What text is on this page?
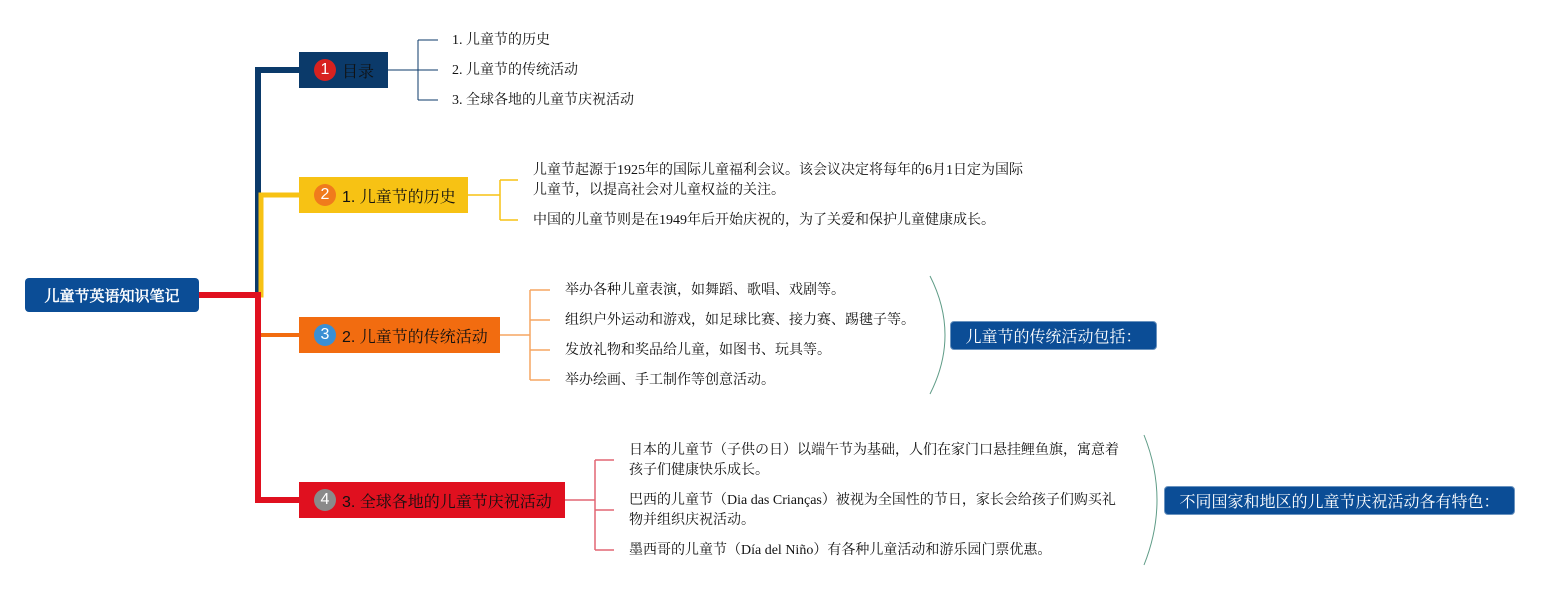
儿童节英语知识笔记
1 目录
1. 儿童节的历史
2. 儿童节的传统活动
3. 全球各地的儿童节庆祝活动
2 1. 儿童节的历史
儿童节起源于1925年的国际儿童福利会议。该会议决定将每年的6月1日定为国际
儿童节，以提高社会对儿童权益的关注。
中国的儿童节则是在1949年后开始庆祝的，为了关爱和保护儿童健康成长。
3 2. 儿童节的传统活动
举办各种儿童表演，如舞蹈、歌唱、戏剧等。
组织户外运动和游戏，如足球比赛、接力赛、踢毽子等。
发放礼物和奖品给儿童，如图书、玩具等。
举办绘画、手工制作等创意活动。
儿童节的传统活动包括：
4 3. 全球各地的儿童节庆祝活动
日本的儿童节（子供の日）以端午节为基础，人们在家门口悬挂鲤鱼旗，寓意着
孩子们健康快乐成长。
巴西的儿童节（Dia das Crianças）被视为全国性的节日，家长会给孩子们购买礼
物并组织庆祝活动。
墨西哥的儿童节（Día del Niño）有各种儿童活动和游乐园门票优惠。
不同国家和地区的儿童节庆祝活动各有特色：
